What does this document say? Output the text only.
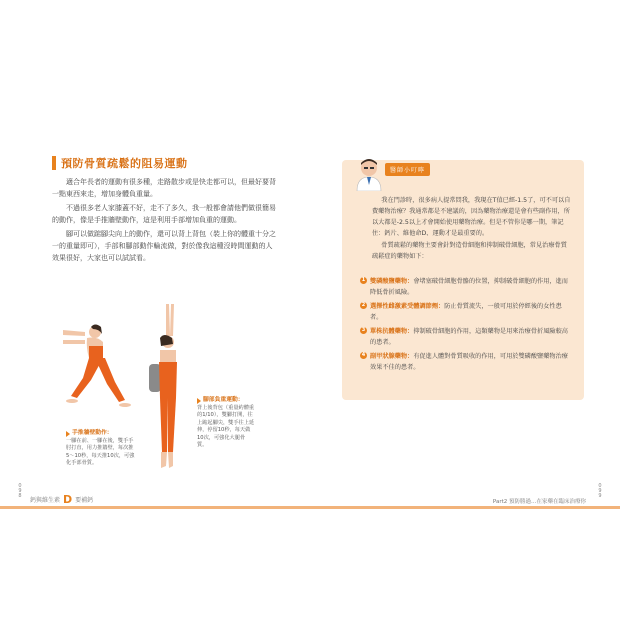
預防骨質疏鬆的阻易運動

適合年長者的運動有很多種，走路散步或是快走都可以，但最好要背一點東西來走，增加身體負重量。

不過很多老人家膝蓋不好，走不了多久，我一般都會請他們做很簡易的動作，像是手推牆壁動作，這是利用手部增加負重的運動。

腳可以做踮腳尖向上的動作，還可以背上背包（裝上你的體重十分之一的重量即可），手部和腳部動作輪流做，對於像我這種沒時間運動的人效果很好，大家也可以試試看。

手推牆壁動作：
一腳在前、一腳在後，雙手手肘打直，用力推牆壁，每次推5～10秒，每天推10次，可強化手部骨質。
腳部負重運動：
背上後背包（重量約體重的1/10），雙腳打開，往上踮起腳尖，雙手往上延伸，停留10秒，每天做10次，可強化大腿骨質。
醫師小叮嚀

我在門診時，很多病人提常問我，我現在T值已經-1.5了，可不可以自費藥物治療？我通常都是不建議的，因為藥物治療還是會有些副作用，所以大都是-2.5以上才會開始使用藥物治療。但是不管你是哪一期，筆記住：鈣片、維他命D、運動才是最重要的。

骨質疏鬆的藥物主要會針對造骨細胞和抑制破骨細胞，常見治療骨質疏鬆症的藥物如下：

1 雙磷酸鹽藥物：會堵塞破骨細胞骨骼的位置，抑制破骨細胞的作用，進而降低骨折風險。
2 選擇性雌激素受體調節劑：防止骨質流失，一般可用於停經後的女性患者。
3 單株抗體藥物：抑制破骨細胞的作用，這類藥物是用來治療骨折風險較高的患者。
4 副甲狀腺藥物：有促進人體對骨質吸收的作用，可用於雙磷酸鹽藥物治療效果不佳的患者。
0
9
8
鈣與維生素 D 要補鈣	Part2 預防勝過…在家藥在臨床治療你
0
9
9
